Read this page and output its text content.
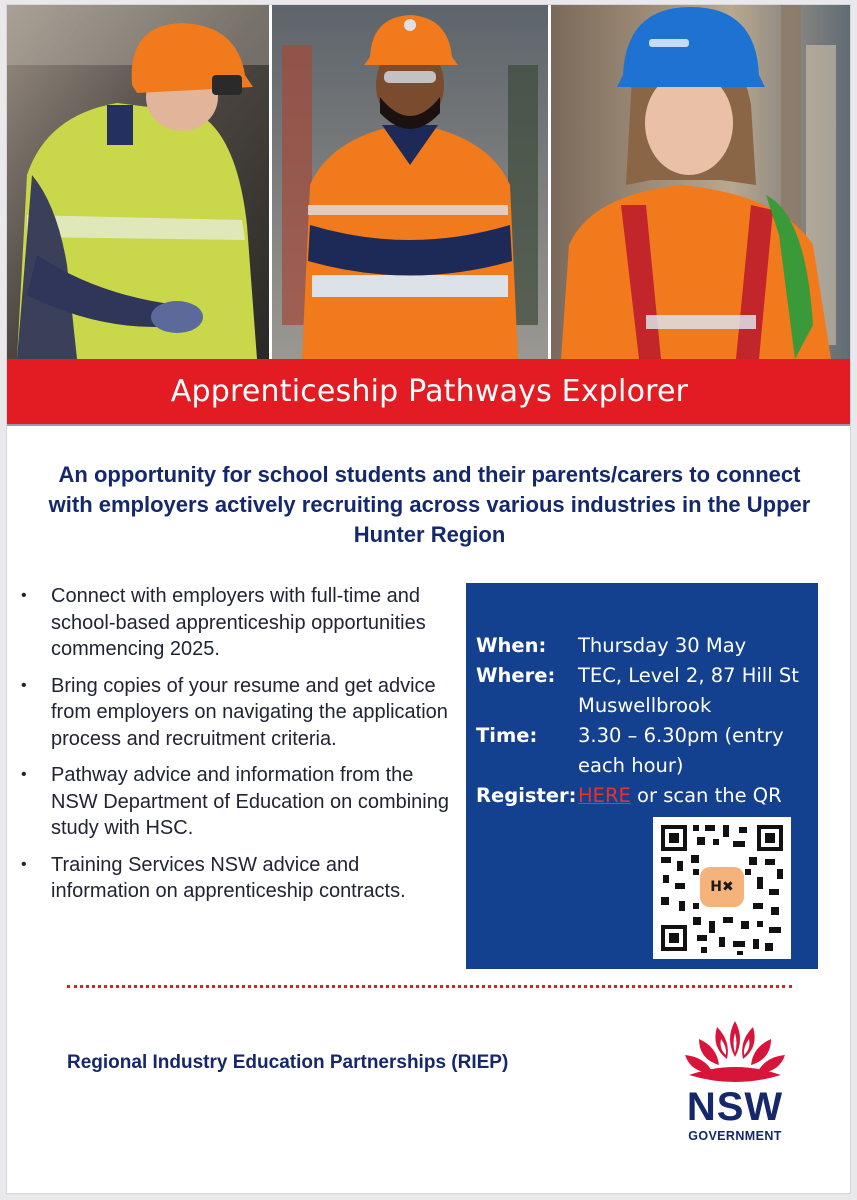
Apprenticeship Pathways Explorer
An opportunity for school students and their parents/carers to connect with employers actively recruiting across various industries in the Upper Hunter Region
• Connect with employers with full-time and school-based apprenticeship opportunities commencing 2025.
• Bring copies of your resume and get advice from employers on navigating the application process and recruitment criteria.
• Pathway advice and information from the NSW Department of Education on combining study with HSC.
• Training Services NSW advice and information on apprenticeship contracts.
When: Thursday 30 May
Where: TEC, Level 2, 87 Hill St Muswellbrook
Time: 3.30 – 6.30pm (entry each hour)
Register: HERE or scan the QR
H✖
Regional Industry Education Partnerships (RIEP)
NSW
GOVERNMENT
